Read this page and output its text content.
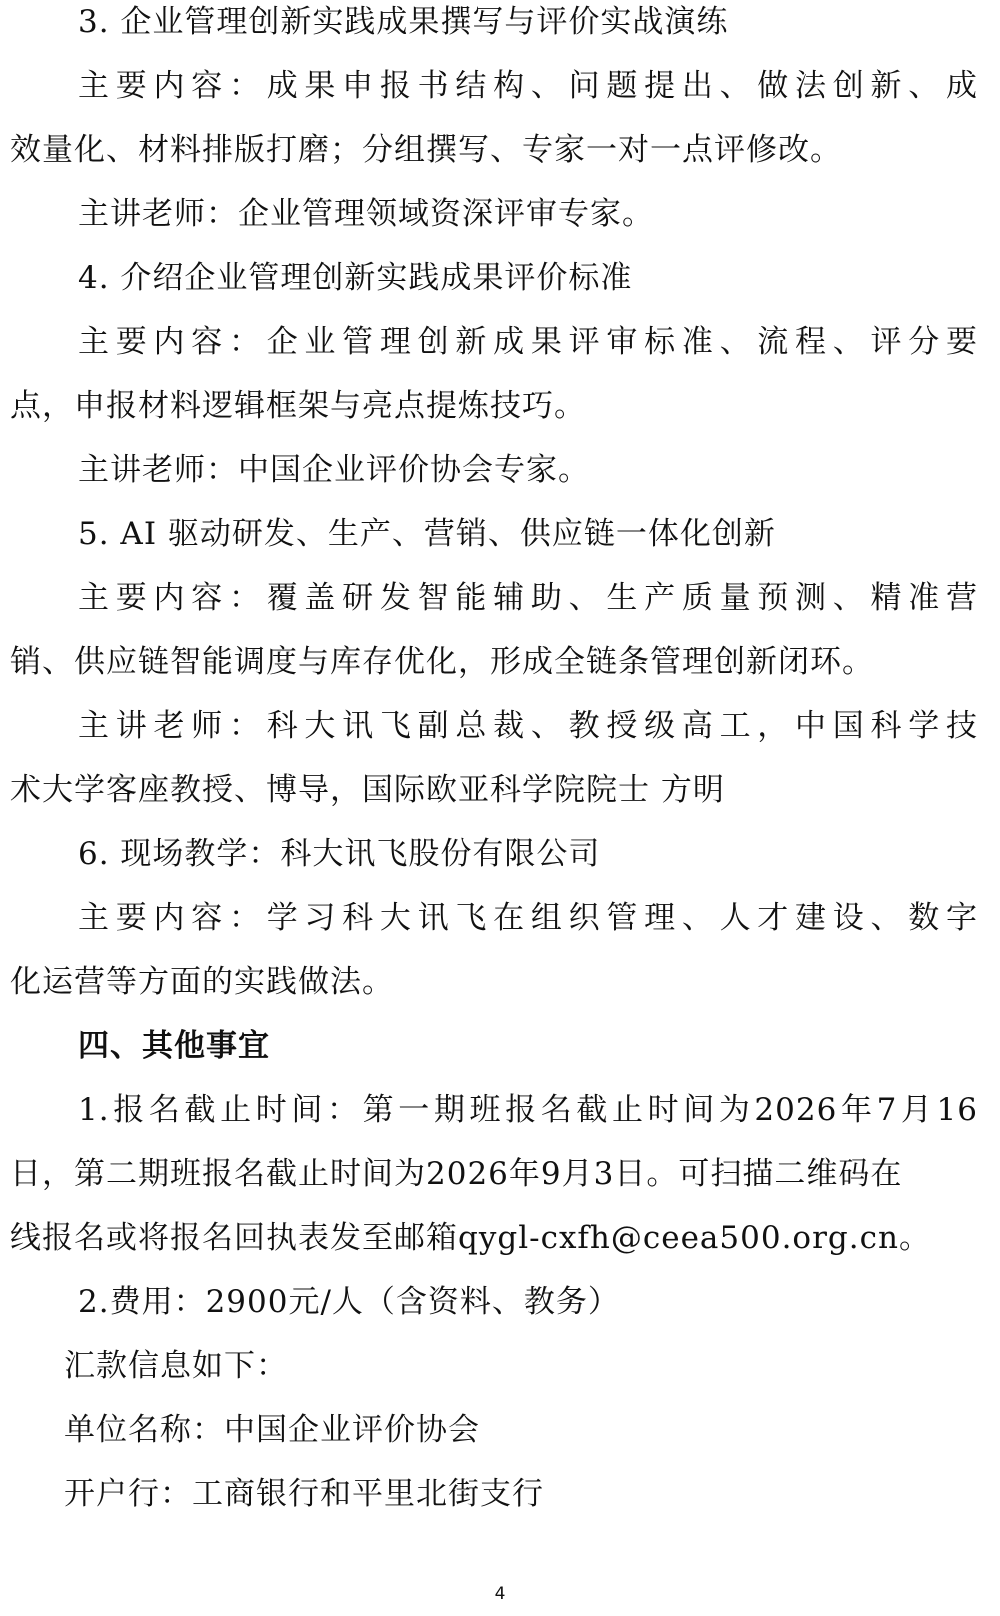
3. 企业管理创新实践成果撰写与评价实战演练
主要内容：成果申报书结构、问题提出、做法创新、成
效量化、材料排版打磨；分组撰写、专家一对一点评修改。
主讲老师：企业管理领域资深评审专家。
4. 介绍企业管理创新实践成果评价标准
主要内容：企业管理创新成果评审标准、流程、评分要
点，申报材料逻辑框架与亮点提炼技巧。
主讲老师：中国企业评价协会专家。
5. AI 驱动研发、生产、营销、供应链一体化创新
主要内容：覆盖研发智能辅助、生产质量预测、精准营
销、供应链智能调度与库存优化，形成全链条管理创新闭环。
主讲老师：科大讯飞副总裁、教授级高工，中国科学技
术大学客座教授、博导，国际欧亚科学院院士 方明
6. 现场教学：科大讯飞股份有限公司
主要内容：学习科大讯飞在组织管理、人才建设、数字
化运营等方面的实践做法。
四、其他事宜
1.报名截止时间：第一期班报名截止时间为2026年7月16
日，第二期班报名截止时间为2026年9月3日。可扫描二维码在
线报名或将报名回执表发至邮箱qygl-cxfh@ceea500.org.cn。
2.费用：2900元/人（含资料、教务）
汇款信息如下：
单位名称：中国企业评价协会
开户行：工商银行和平里北街支行
4
